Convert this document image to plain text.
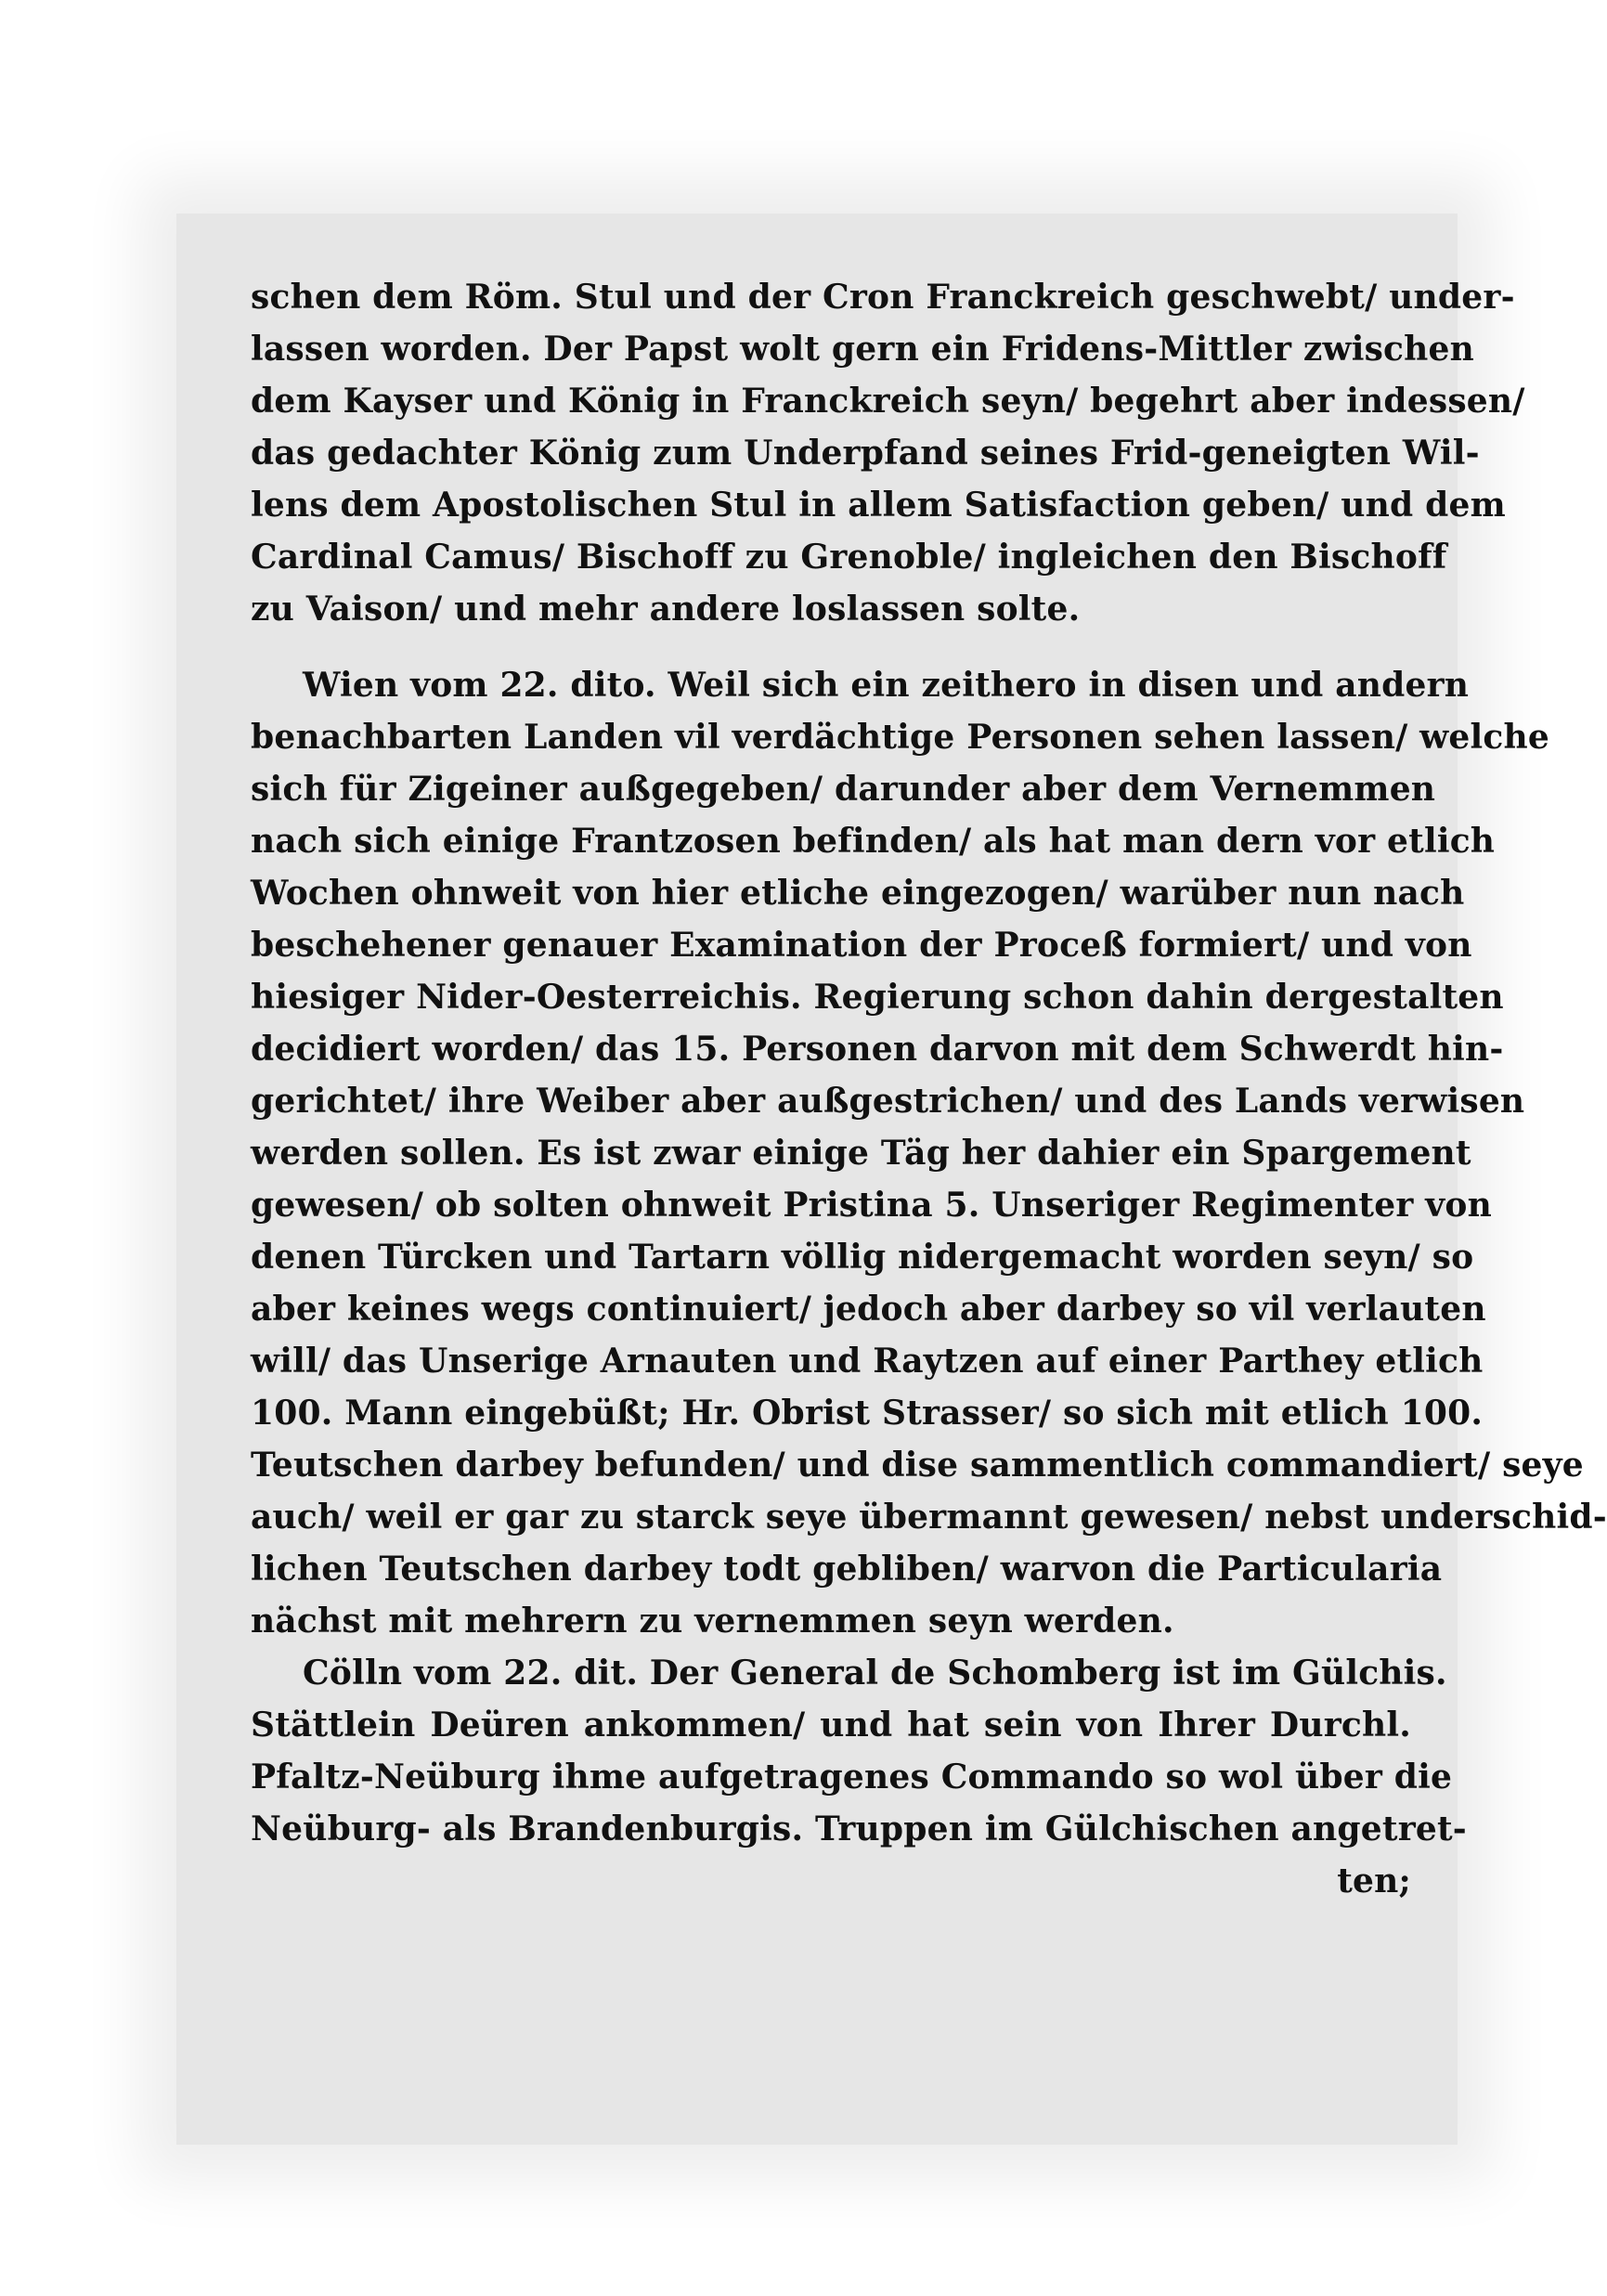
schen dem Röm. Stul und der Cron Franckreich geschwebt/ under-
lassen worden. Der Papst wolt gern ein Fridens-Mittler zwischen
dem Kayser und König in Franckreich seyn/ begehrt aber indessen/
das gedachter König zum Underpfand seines Frid-geneigten Wil-
lens dem Apostolischen Stul in allem Satisfaction geben/ und dem
Cardinal Camus/ Bischoff zu Grenoble/ ingleichen den Bischoff
zu Vaison/ und mehr andere loslassen solte.
Wien vom 22. dito. Weil sich ein zeithero in disen und andern
benachbarten Landen vil verdächtige Personen sehen lassen/ welche
sich für Zigeiner außgegeben/ darunder aber dem Vernemmen
nach sich einige Frantzosen befinden/ als hat man dern vor etlich
Wochen ohnweit von hier etliche eingezogen/ warüber nun nach
beschehener genauer Examination der Proceß formiert/ und von
hiesiger Nider-Oesterreichis. Regierung schon dahin dergestalten
decidiert worden/ das 15. Personen darvon mit dem Schwerdt hin-
gerichtet/ ihre Weiber aber außgestrichen/ und des Lands verwisen
werden sollen. Es ist zwar einige Täg her dahier ein Spargement
gewesen/ ob solten ohnweit Pristina 5. Unseriger Regimenter von
denen Türcken und Tartarn völlig nidergemacht worden seyn/ so
aber keines wegs continuiert/ jedoch aber darbey so vil verlauten
will/ das Unserige Arnauten und Raytzen auf einer Parthey etlich
100. Mann eingebüßt; Hr. Obrist Strasser/ so sich mit etlich 100.
Teutschen darbey befunden/ und dise sammentlich commandiert/ seye
auch/ weil er gar zu starck seye übermannt gewesen/ nebst underschid-
lichen Teutschen darbey todt gebliben/ warvon die Particularia
nächst mit mehrern zu vernemmen seyn werden.
Cölln vom 22. dit. Der General de Schomberg ist im Gülchis.
Stättlein Deüren ankommen/ und hat sein von Ihrer Durchl.
Pfaltz-Neüburg ihme aufgetragenes Commando so wol über die
Neüburg- als Brandenburgis. Truppen im Gülchischen angetret-
ten;
